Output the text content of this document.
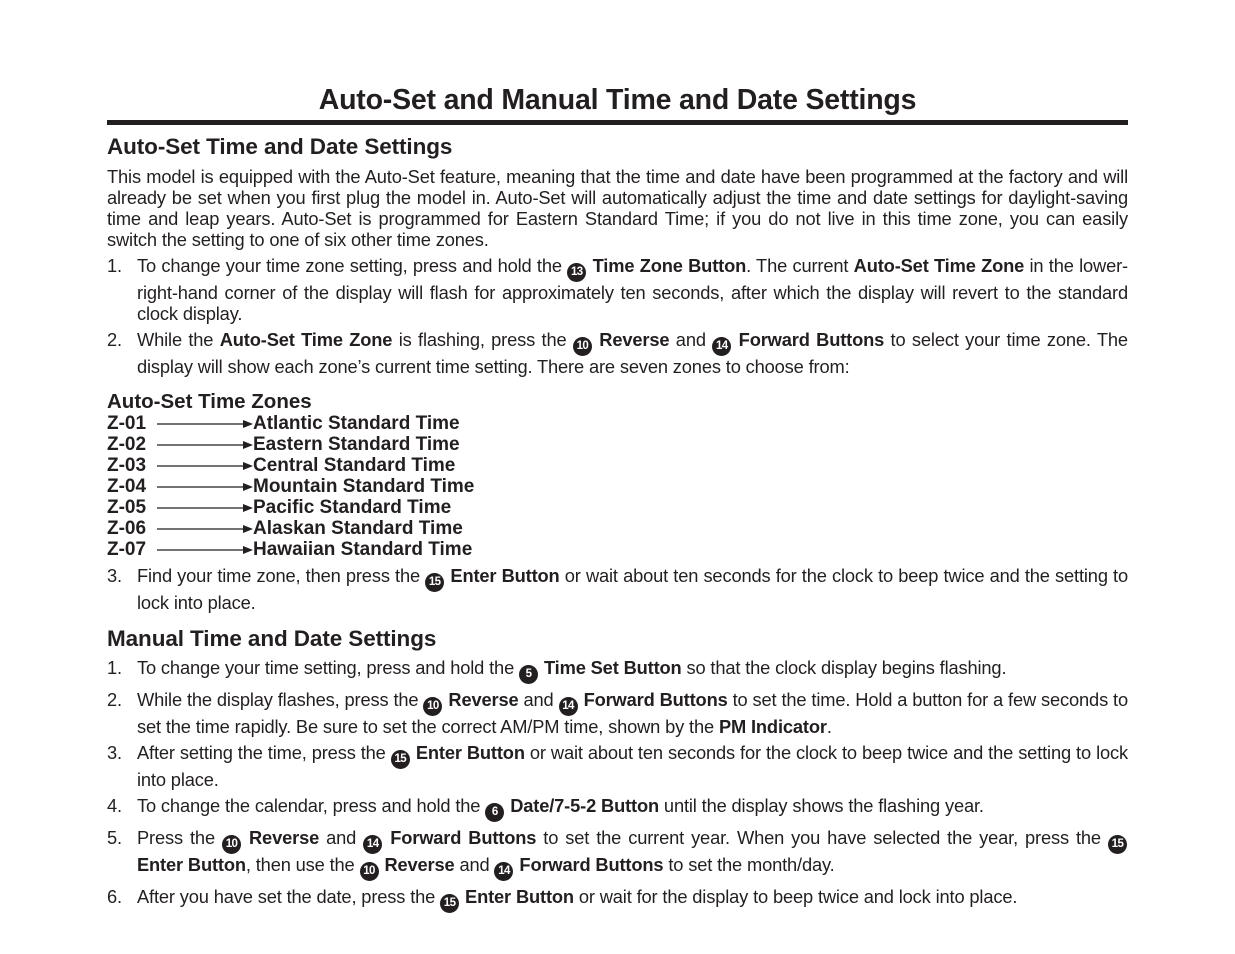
Auto-Set and Manual Time and Date Settings
Auto-Set Time and Date Settings

This model is equipped with the Auto-Set feature, meaning that the time and date have been programmed at the factory and will already be set when you first plug the model in. Auto-Set will automatically adjust the time and date settings for daylight-saving time and leap years. Auto-Set is programmed for Eastern Standard Time; if you do not live in this time zone, you can easily switch the setting to one of six other time zones.

1. To change your time zone setting, press and hold the 13 Time Zone Button. The current Auto-Set Time Zone in the lower-right-hand corner of the display will flash for approximately ten seconds, after which the display will revert to the standard clock display.
2. While the Auto-Set Time Zone is flashing, press the 10 Reverse and 14 Forward Buttons to select your time zone. The display will show each zone’s current time setting. There are seven zones to choose from:
Auto-Set Time Zones
Z-01	Atlantic Standard Time
Z-02	Eastern Standard Time
Z-03	Central Standard Time
Z-04	Mountain Standard Time
Z-05	Pacific Standard Time
Z-06	Alaskan Standard Time
Z-07	Hawaiian Standard Time
3. Find your time zone, then press the 15 Enter Button or wait about ten seconds for the clock to beep twice and the setting to lock into place.
Manual Time and Date Settings
1. To change your time setting, press and hold the 5 Time Set Button so that the clock display begins flashing.
2. While the display flashes, press the 10 Reverse and 14 Forward Buttons to set the time. Hold a button for a few seconds to set the time rapidly. Be sure to set the correct AM/PM time, shown by the PM Indicator.
3. After setting the time, press the 15 Enter Button or wait about ten seconds for the clock to beep twice and the setting to lock into place.
4. To change the calendar, press and hold the 6 Date/7-5-2 Button until the display shows the flashing year.
5. Press the 10 Reverse and 14 Forward Buttons to set the current year. When you have selected the year, press the 15 Enter Button, then use the 10 Reverse and 14 Forward Buttons to set the month/day.
6. After you have set the date, press the 15 Enter Button or wait for the display to beep twice and lock into place.
